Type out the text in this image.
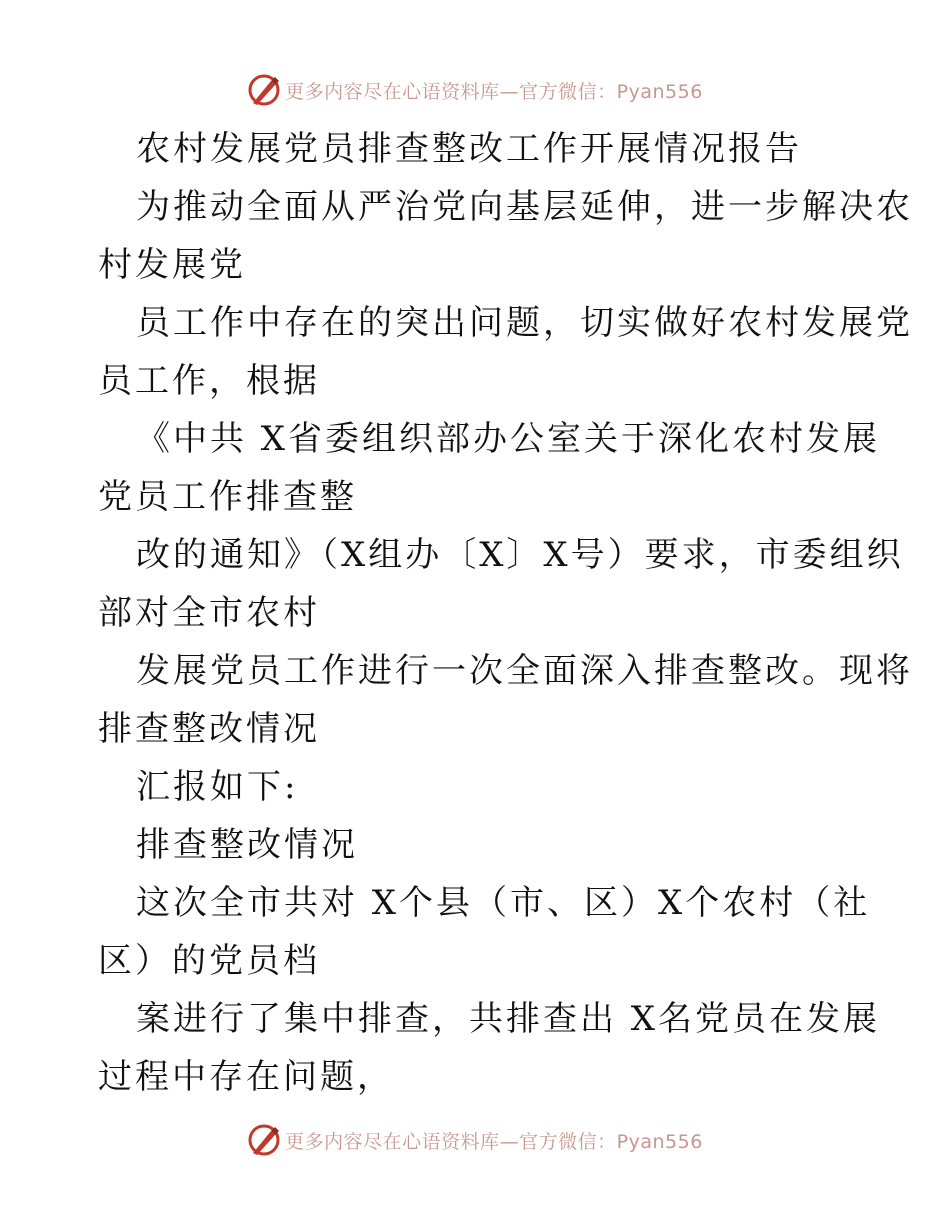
更多内容尽在心语资料库—官方微信：Pyan556
农村发展党员排查整改工作开展情况报告
为推动全面从严治党向基层延伸，进一步解决农
村发展党
员工作中存在的突出问题，切实做好农村发展党
员工作，根据
《中共 X省委组织部办公室关于深化农村发展
党员工作排查整
改的通知》（X组办〔X〕X号）要求，市委组织
部对全市农村
发展党员工作进行一次全面深入排查整改。现将
排查整改情况
汇报如下:
排查整改情况
这次全市共对 X个县（市、区）X个农村（社
区）的党员档
案进行了集中排查，共排查出 X名党员在发展
过程中存在问题，
更多内容尽在心语资料库—官方微信：Pyan556
